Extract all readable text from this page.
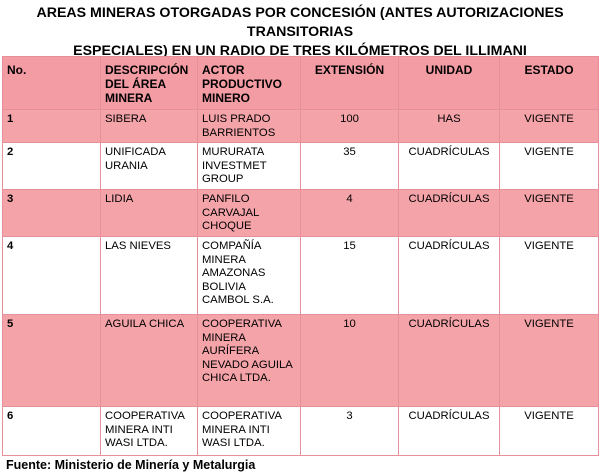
AREAS MINERAS OTORGADAS POR CONCESIÓN (ANTES AUTORIZACIONES TRANSITORIAS
ESPECIALES) EN UN RADIO DE TRES KILÓMETROS DEL ILLIMANI
No.	DESCRIPCIÓN DEL ÁREA MINERA	ACTOR PRODUCTIVO MINERO	EXTENSIÓN	UNIDAD	ESTADO
1	SIBERA	LUIS PRADO BARRIENTOS	100	HAS	VIGENTE
2	UNIFICADA URANIA	MURURATA INVESTMET GROUP	35	CUADRÍCULAS	VIGENTE
3	LIDIA	PANFILO CARVAJAL CHOQUE	4	CUADRÍCULAS	VIGENTE
4	LAS NIEVES	COMPAÑÍA MINERA AMAZONAS BOLIVIA CAMBOL S.A.	15	CUADRÍCULAS	VIGENTE
5	AGUILA CHICA	COOPERATIVA MINERA AURÍFERA NEVADO AGUILA CHICA LTDA.	10	CUADRÍCULAS	VIGENTE
6	COOPERATIVA MINERA INTI WASI LTDA.	COOPERATIVA MINERA INTI WASI LTDA.	3	CUADRÍCULAS	VIGENTE
Fuente: Ministerio de Minería y Metalurgia
